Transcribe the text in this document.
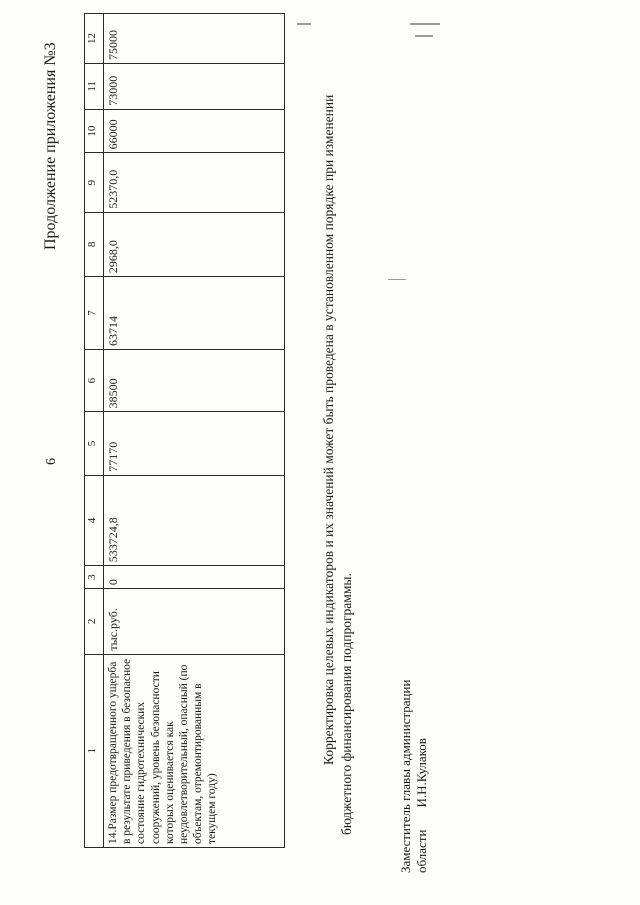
6
Продолжение приложения №3
1	2	3	4	5	6	7	8	9	10	11	12
14.Размер предотвращенного ущерба в результате приведения в безопасное состояние гидротехнических сооружений, уровень безопасности которых оценивается как неудовлетворительный, опасный (по объектам, отремонтированным в текущем году)	тыс.руб.	0	533724,8	77170	38500	63714	2968,0	52370,0	66000	73000	75000

Корректировка целевых индикаторов и их значений может быть проведена в установленном порядке при изменении бюджетного финансирования подпрограммы.	Заместитель главы администрации областиИ.Н.Кулаков
